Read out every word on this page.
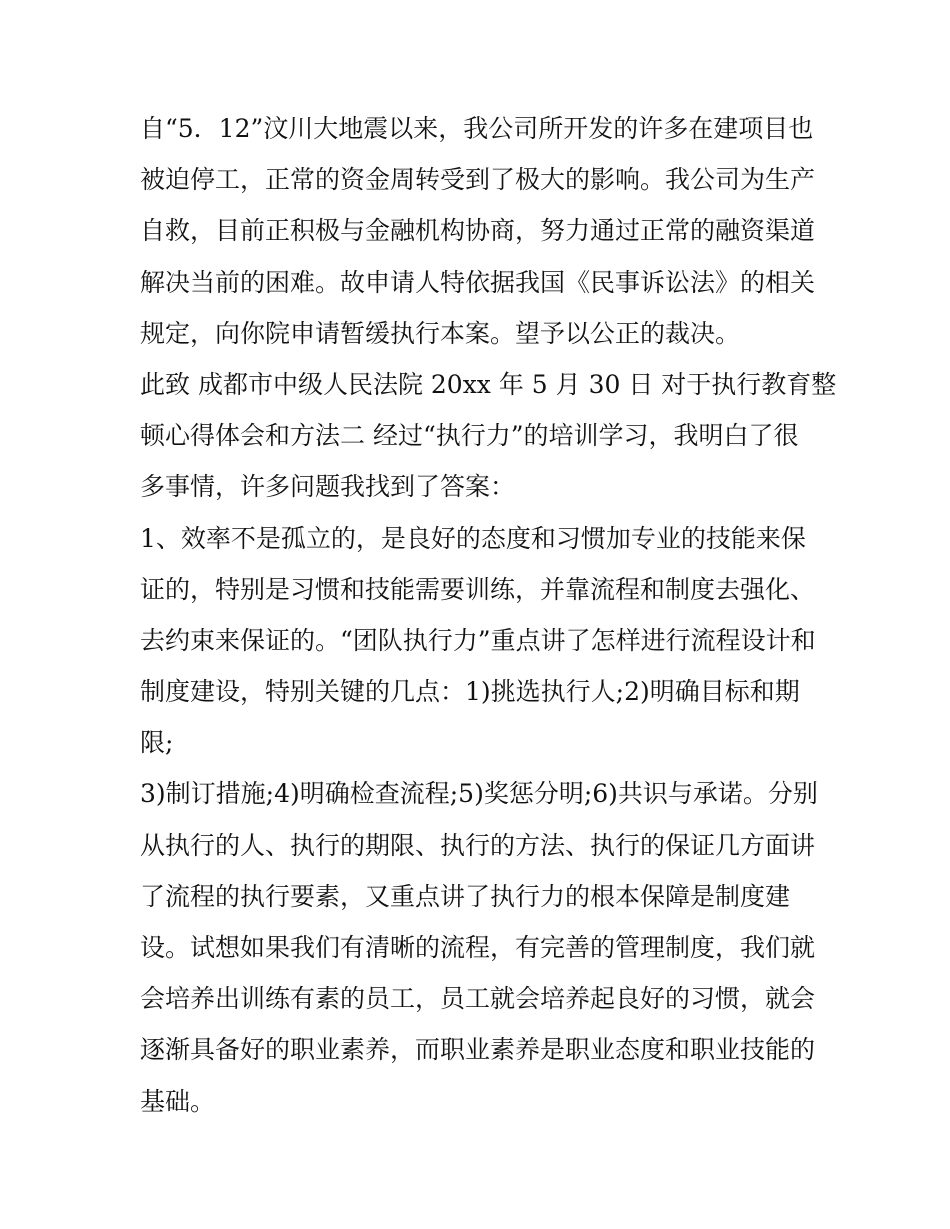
自“5．12”汶川大地震以来，我公司所开发的许多在建项目也

被迫停工，正常的资金周转受到了极大的影响。我公司为生产

自救，目前正积极与金融机构协商，努力通过正常的融资渠道

解决当前的困难。故申请人特依据我国《民事诉讼法》的相关

规定，向你院申请暂缓执行本案。望予以公正的裁决。

此致 成都市中级人民法院 20xx 年 5 月 30 日 对于执行教育整

顿心得体会和方法二 经过“执行力”的培训学习，我明白了很

多事情，许多问题我找到了答案：

1、效率不是孤立的，是良好的态度和习惯加专业的技能来保

证的，特别是习惯和技能需要训练，并靠流程和制度去强化、

去约束来保证的。“团队执行力”重点讲了怎样进行流程设计和

制度建设，特别关键的几点：1)挑选执行人;2)明确目标和期

限;

3)制订措施;4)明确检查流程;5)奖惩分明;6)共识与承诺。分别

从执行的人、执行的期限、执行的方法、执行的保证几方面讲

了流程的执行要素，又重点讲了执行力的根本保障是制度建

设。试想如果我们有清晰的流程，有完善的管理制度，我们就

会培养出训练有素的员工，员工就会培养起良好的习惯，就会

逐渐具备好的职业素养，而职业素养是职业态度和职业技能的

基础。
